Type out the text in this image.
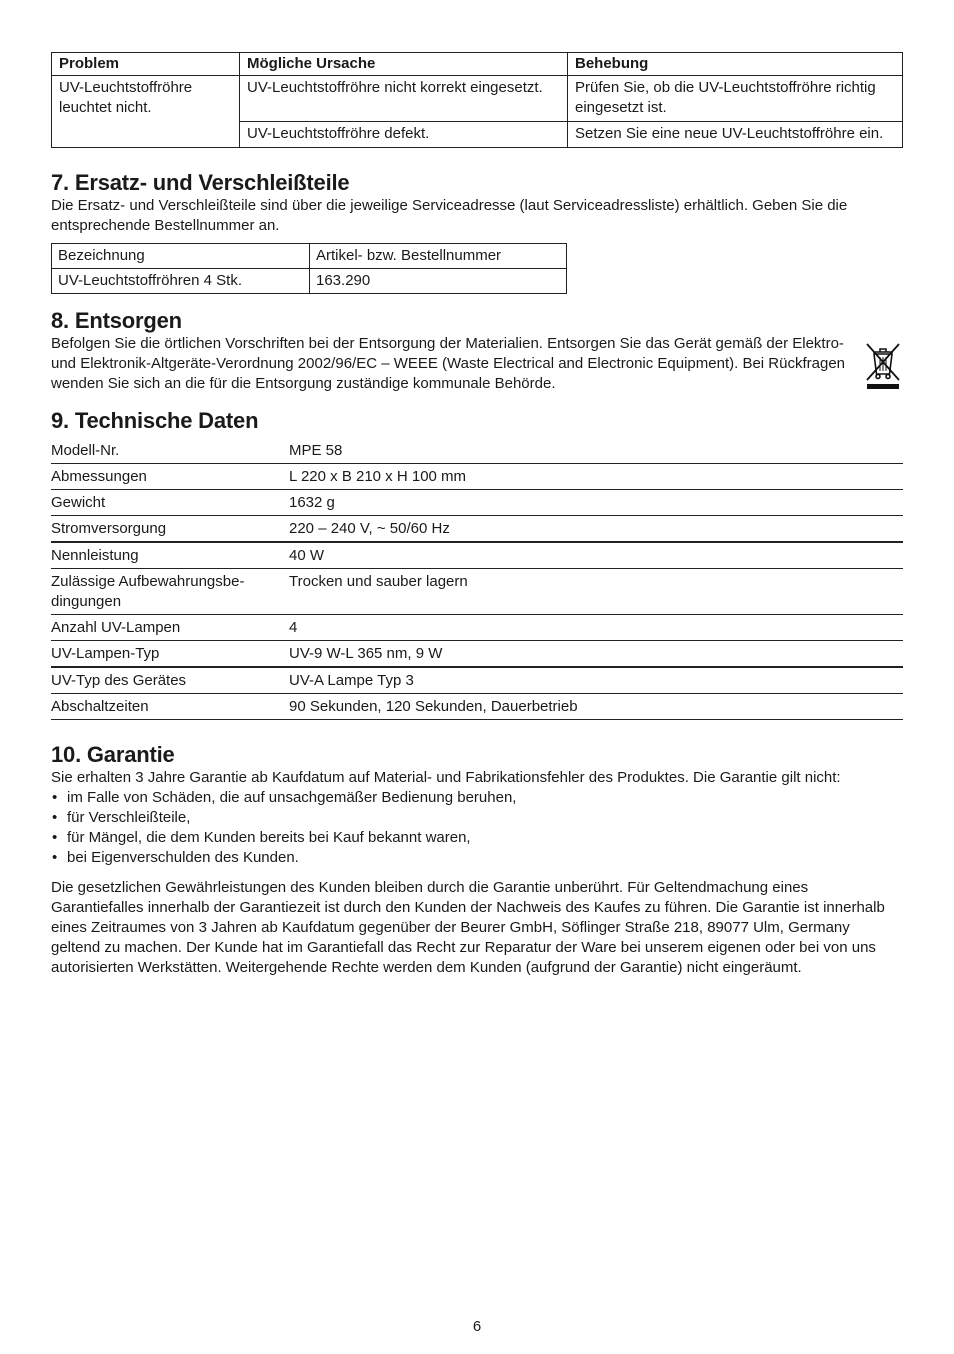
Problem	Mögliche Ursache	Behebung
UV-Leuchtstoffröhre leuchtet nicht.	UV-Leuchtstoffröhre nicht korrekt eingesetzt.	Prüfen Sie, ob die UV-Leuchtstoffröhre richtig eingesetzt ist.
	UV-Leuchtstoffröhre defekt.	Setzen Sie eine neue UV-Leuchtstoffröhre ein.
7. Ersatz- und Verschleißteile

Die Ersatz- und Verschleißteile sind über die jeweilige Serviceadresse (laut Serviceadressliste) erhältlich. Geben Sie die entsprechende Bestellnummer an.

Bezeichnung	Artikel- bzw. Bestellnummer
UV-Leuchtstoffröhren 4 Stk.	163.290
8. Entsorgen

Befolgen Sie die örtlichen Vorschriften bei der Entsorgung der Materialien. Entsorgen Sie das Gerät gemäß der Elektro- und Elektronik-Altgeräte-Verordnung 2002/96/EC – WEEE (Waste Electrical and Electronic Equipment). Bei Rückfragen wenden Sie sich an die für die Entsorgung zuständige kommunale Behörde.

9. Technische Daten
Modell-Nr.	MPE 58
Abmessungen	L 220 x B 210 x H 100 mm
Gewicht	1632 g
Stromversorgung	220 – 240 V, ~ 50/60 Hz
Nennleistung	40 W
Zulässige Aufbewahrungsbe-
dingungen	Trocken und sauber lagern
Anzahl UV-Lampen	4
UV-Lampen-Typ	UV-9 W-L 365 nm, 9 W
UV-Typ des Gerätes	UV-A Lampe Typ 3
Abschaltzeiten	90 Sekunden, 120 Sekunden, Dauerbetrieb
10. Garantie

Sie erhalten 3 Jahre Garantie ab Kaufdatum auf Material- und Fabrikationsfehler des Produktes. Die Garantie gilt nicht:

• im Falle von Schäden, die auf unsachgemäßer Bedienung beruhen,
• für Verschleißteile,
• für Mängel, die dem Kunden bereits bei Kauf bekannt waren,
• bei Eigenverschulden des Kunden.

Die gesetzlichen Gewährleistungen des Kunden bleiben durch die Garantie unberührt. Für Geltendmachung eines Garantiefalles innerhalb der Garantiezeit ist durch den Kunden der Nachweis des Kaufes zu führen. Die Garantie ist innerhalb eines Zeitraumes von 3 Jahren ab Kaufdatum gegenüber der Beurer GmbH, Söflinger Straße 218, 89077 Ulm, Germany geltend zu machen. Der Kunde hat im Garantiefall das Recht zur Reparatur der Ware bei unserem eigenen oder bei von uns autorisierten Werkstätten. Weitergehende Rechte werden dem Kunden (aufgrund der Garantie) nicht eingeräumt.

6
